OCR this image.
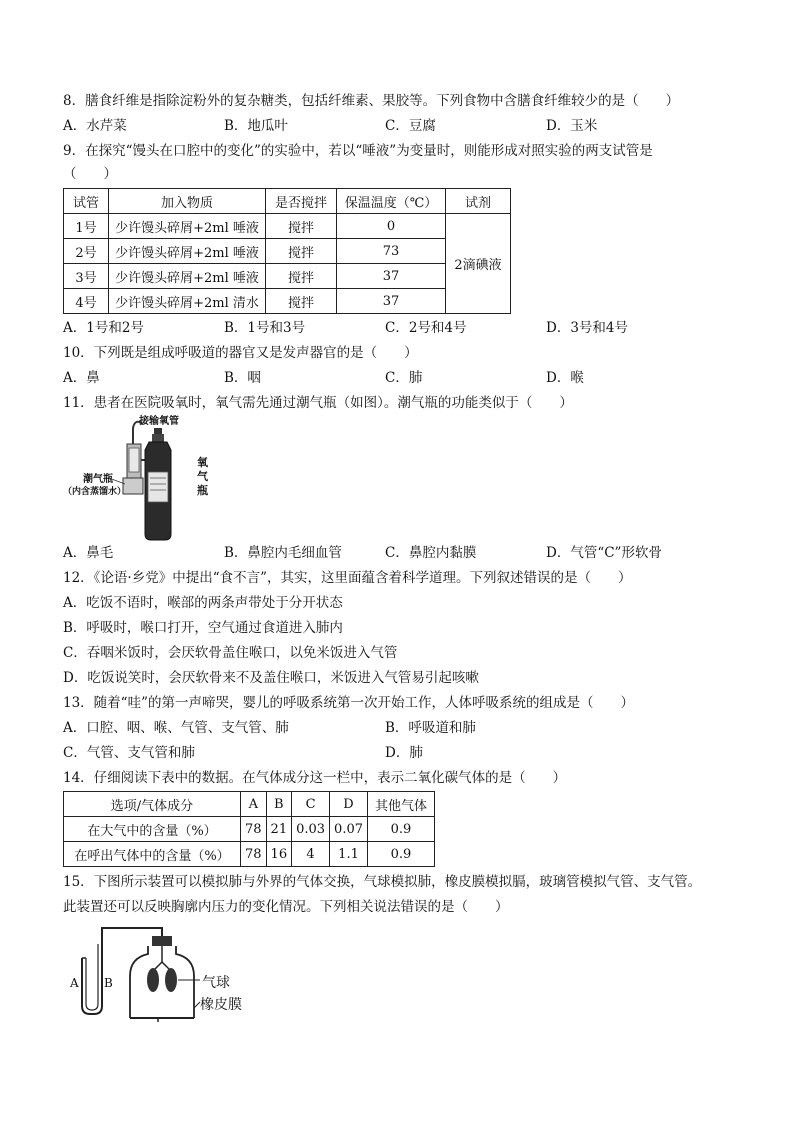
8．膳食纤维是指除淀粉外的复杂糖类，包括纤维素、果胶等。下列食物中含膳食纤维较少的是（　　）
A．水芹菜	B．地瓜叶	C．豆腐	D．玉米
9．在探究“馒头在口腔中的变化”的实验中，若以“唾液”为变量时，则能形成对照实验的两支试管是
（　　）
试管	加入物质	是否搅拌	保温温度（℃）	试剂
1号	少许馒头碎屑+2ml 唾液	搅拌	0	2滴碘液
2号	少许馒头碎屑+2ml 唾液	搅拌	73	
3号	少许馒头碎屑+2ml 唾液	搅拌	37	
4号	少许馒头碎屑+2ml 清水	搅拌	37	
A．1号和2号	B．1号和3号	C．2号和4号	D．3号和4号
10．下列既是组成呼吸道的器官又是发声器官的是（　　）
A．鼻	B．咽	C．肺	D．喉
11．患者在医院吸氧时，氧气需先通过潮气瓶（如图）。潮气瓶的功能类似于（　　）
接输氧管
潮气瓶
（内含蒸馏水）
氧
气
瓶
A．鼻毛	B．鼻腔内毛细血管	C．鼻腔内黏膜	D．气管“C”形软骨
12．《论语·乡党》中提出“食不言”，其实，这里面蕴含着科学道理。下列叙述错误的是（　　）
A．吃饭不语时，喉部的两条声带处于分开状态
B．呼吸时，喉口打开，空气通过食道进入肺内
C．吞咽米饭时，会厌软骨盖住喉口，以免米饭进入气管
D．吃饭说笑时，会厌软骨来不及盖住喉口，米饭进入气管易引起咳嗽
13．随着“哇”的第一声啼哭，婴儿的呼吸系统第一次开始工作，人体呼吸系统的组成是（　　）
A．口腔、咽、喉、气管、支气管、肺	B．呼吸道和肺
C．气管、支气管和肺	D．肺
14．仔细阅读下表中的数据。在气体成分这一栏中，表示二氧化碳气体的是（　　）
选项/气体成分	A	B	C	D	其他气体
在大气中的含量（%）	78	21	0.03	0.07	0.9
在呼出气体中的含量（%）	78	16	4	1.1	0.9
15．下图所示装置可以模拟肺与外界的气体交换，气球模拟肺，橡皮膜模拟膈，玻璃管模拟气管、支气管。
此装置还可以反映胸廓内压力的变化情况。下列相关说法错误的是（　　）
A B	气球
橡皮膜
